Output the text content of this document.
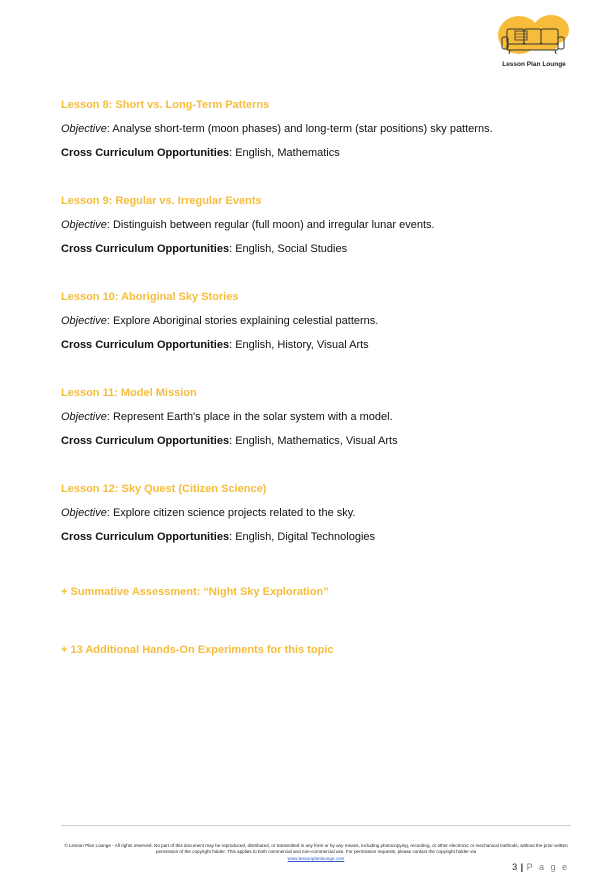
Lesson Plan Lounge
Lesson 8: Short vs. Long-Term Patterns

Objective: Analyse short-term (moon phases) and long-term (star positions) sky patterns.

Cross Curriculum Opportunities: English, Mathematics

Lesson 9: Regular vs. Irregular Events

Objective: Distinguish between regular (full moon) and irregular lunar events.

Cross Curriculum Opportunities: English, Social Studies

Lesson 10: Aboriginal Sky Stories

Objective: Explore Aboriginal stories explaining celestial patterns.

Cross Curriculum Opportunities: English, History, Visual Arts

Lesson 11: Model Mission

Objective: Represent Earth's place in the solar system with a model.

Cross Curriculum Opportunities: English, Mathematics, Visual Arts

Lesson 12: Sky Quest (Citizen Science)

Objective: Explore citizen science projects related to the sky.

Cross Curriculum Opportunities: English, Digital Technologies

+ Summative Assessment: “Night Sky Exploration”

+ 13 Additional Hands-On Experiments for this topic

© Lesson Plan Lounge - All rights reserved. No part of this document may be reproduced, distributed, or transmitted in any form or by any means, including photocopying, recording, or other electronic or mechanical methods, without the prior written permission of the copyright holder. This applies to both commercial and non-commercial use. For permission requests, please contact the copyright holder via
www.lessonplanlounge.com
3 | P a g e
